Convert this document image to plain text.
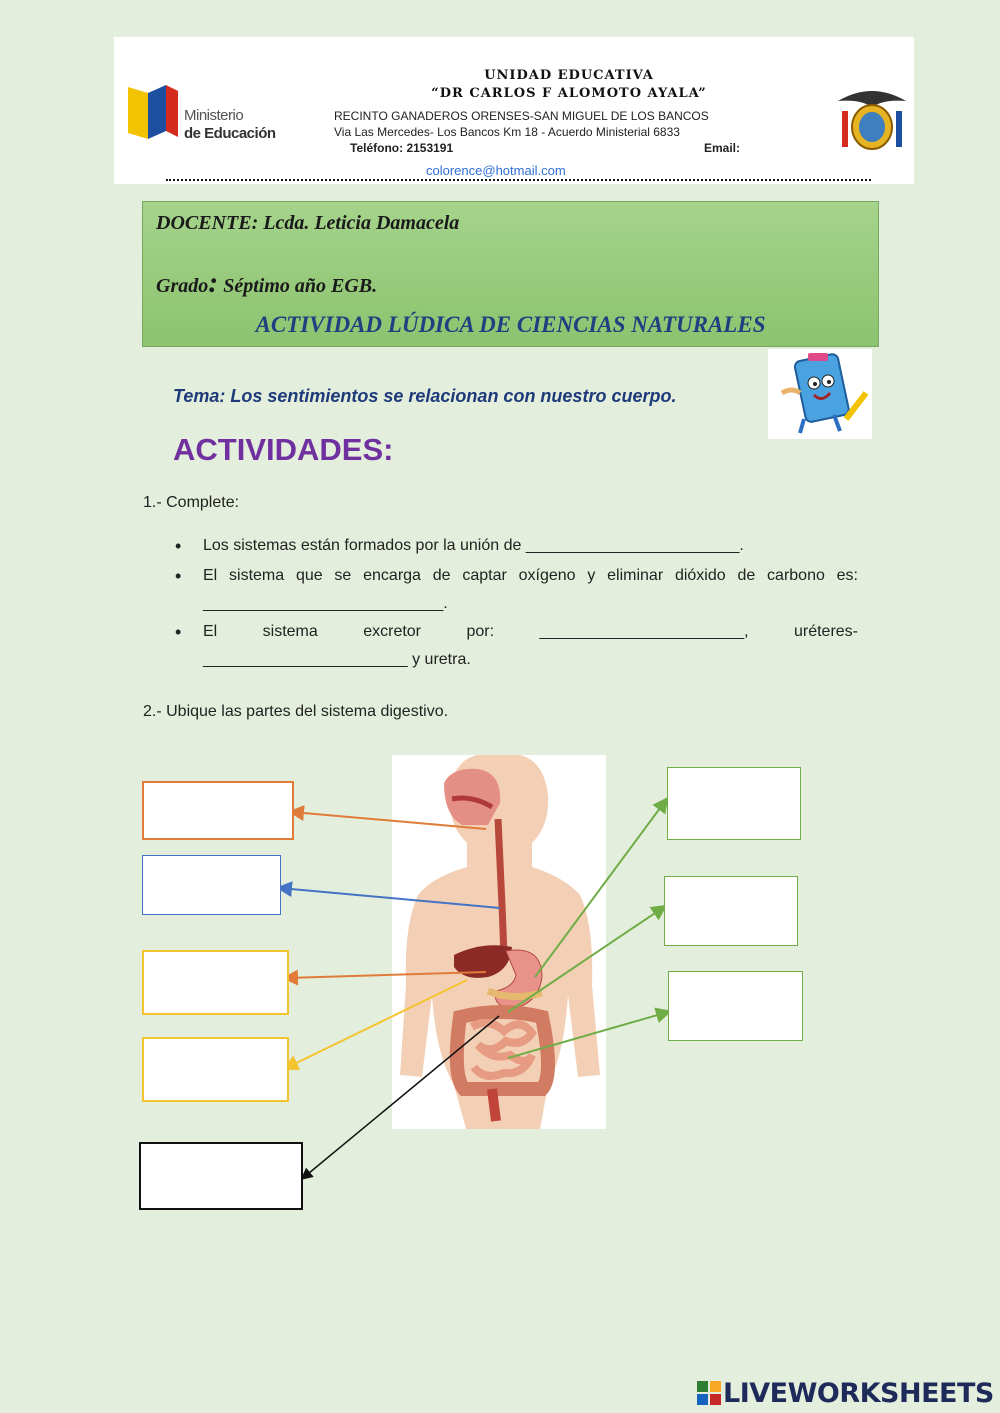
Ministerio
de Educación
UNIDAD EDUCATIVA
“DR CARLOS F ALOMOTO AYALA”
RECINTO GANADEROS ORENSES-SAN MIGUEL DE LOS BANCOS
Via Las Mercedes- Los Bancos Km 18 - Acuerdo Ministerial 6833
Teléfono: 2153191	Email:
colorence@hotmail.com
DOCENTE: Lcda. Leticia Damacela
Grado: Séptimo año EGB.
ACTIVIDAD LÚDICA DE CIENCIAS NATURALES
Tema: Los sentimientos se relacionan con nuestro cuerpo.
ACTIVIDADES:
1.- Complete:
• Los sistemas están formados por la unión de ________________________.
• El sistema que se encarga de captar oxígeno y eliminar dióxido de carbono es:
___________________________.
• El sistema excretor por: _______________________, uréteres-
_______________________ y uretra.
2.- Ubique las partes del sistema digestivo.
LIVEWORKSHEETS
